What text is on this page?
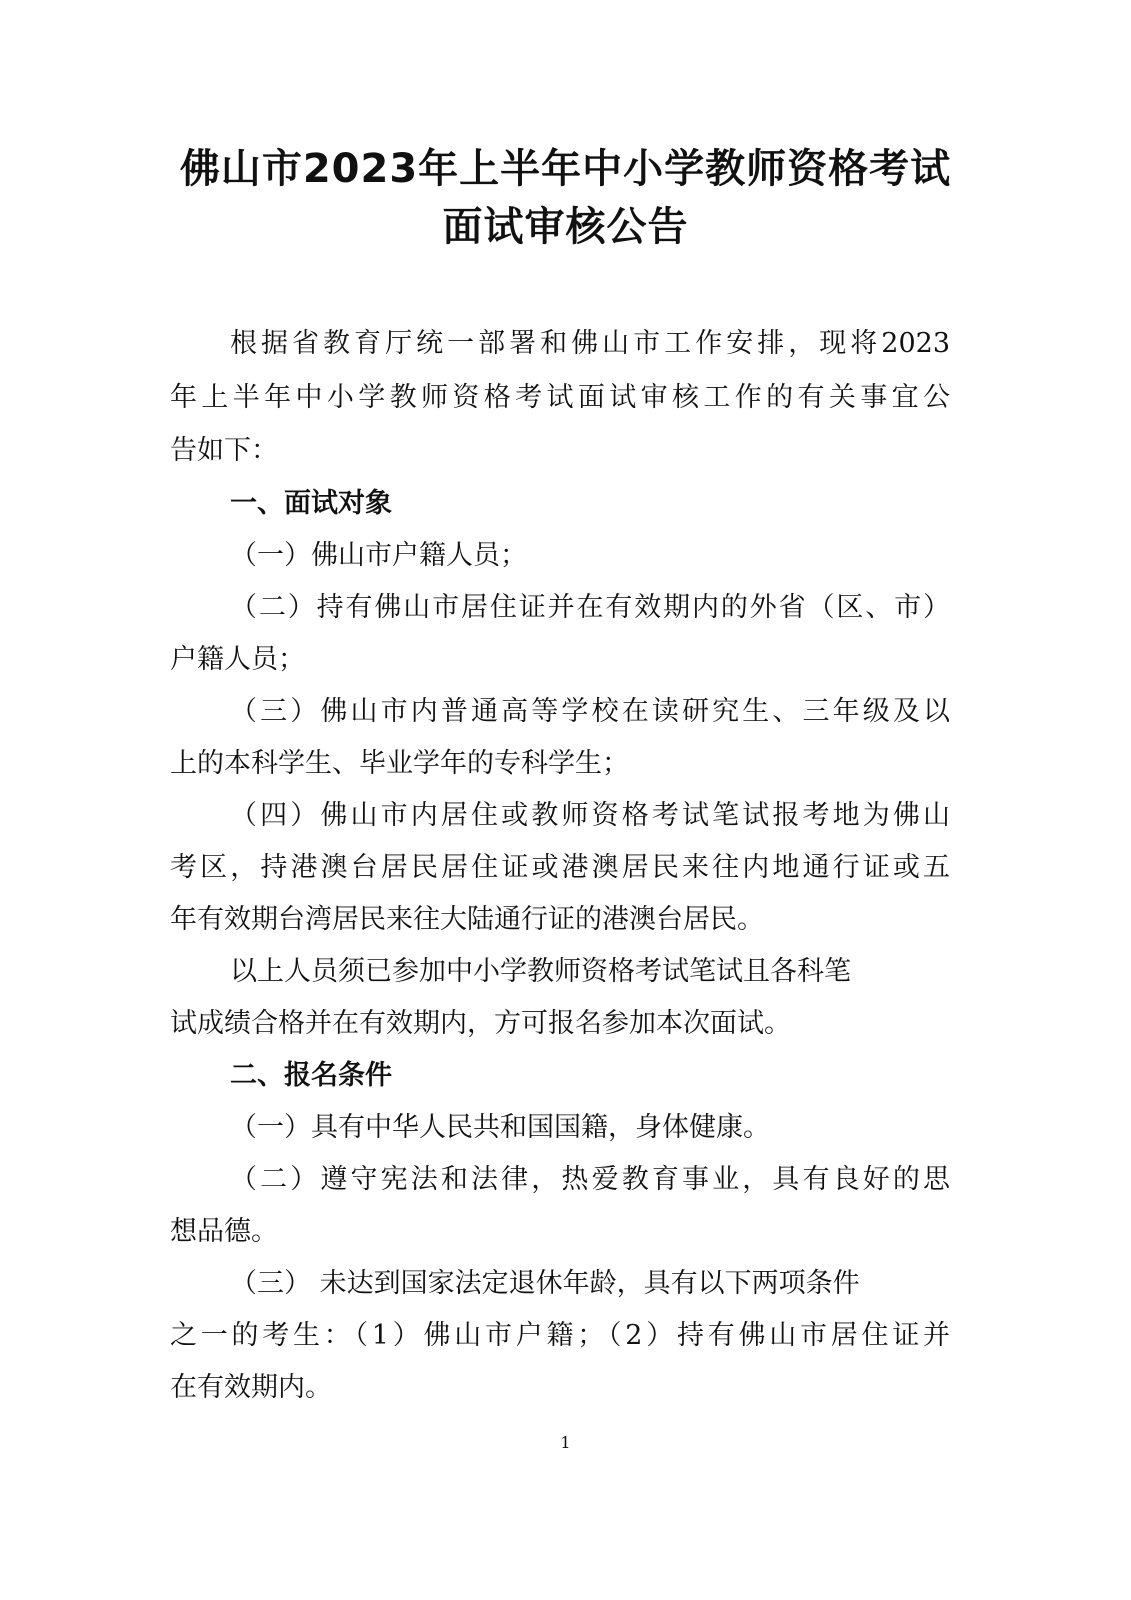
佛山市2023年上半年中小学教师资格考试
面试审核公告

根据省教育厅统一部署和佛山市工作安排，现将2023

年上半年中小学教师资格考试面试审核工作的有关事宜公

告如下：

一、面试对象

（一）佛山市户籍人员；

（二）持有佛山市居住证并在有效期内的外省（区、市）

户籍人员；

（三）佛山市内普通高等学校在读研究生、三年级及以

上的本科学生、毕业学年的专科学生；

（四）佛山市内居住或教师资格考试笔试报考地为佛山

考区，持港澳台居民居住证或港澳居民来往内地通行证或五

年有效期台湾居民来往大陆通行证的港澳台居民。

以上人员须已参加中小学教师资格考试笔试且各科笔

试成绩合格并在有效期内，方可报名参加本次面试。

二、报名条件

（一）具有中华人民共和国国籍，身体健康。

（二）遵守宪法和法律，热爱教育事业，具有良好的思

想品德。

（三） 未达到国家法定退休年龄，具有以下两项条件

之一的考生：（1）佛山市户籍；（2）持有佛山市居住证并

在有效期内。

1
